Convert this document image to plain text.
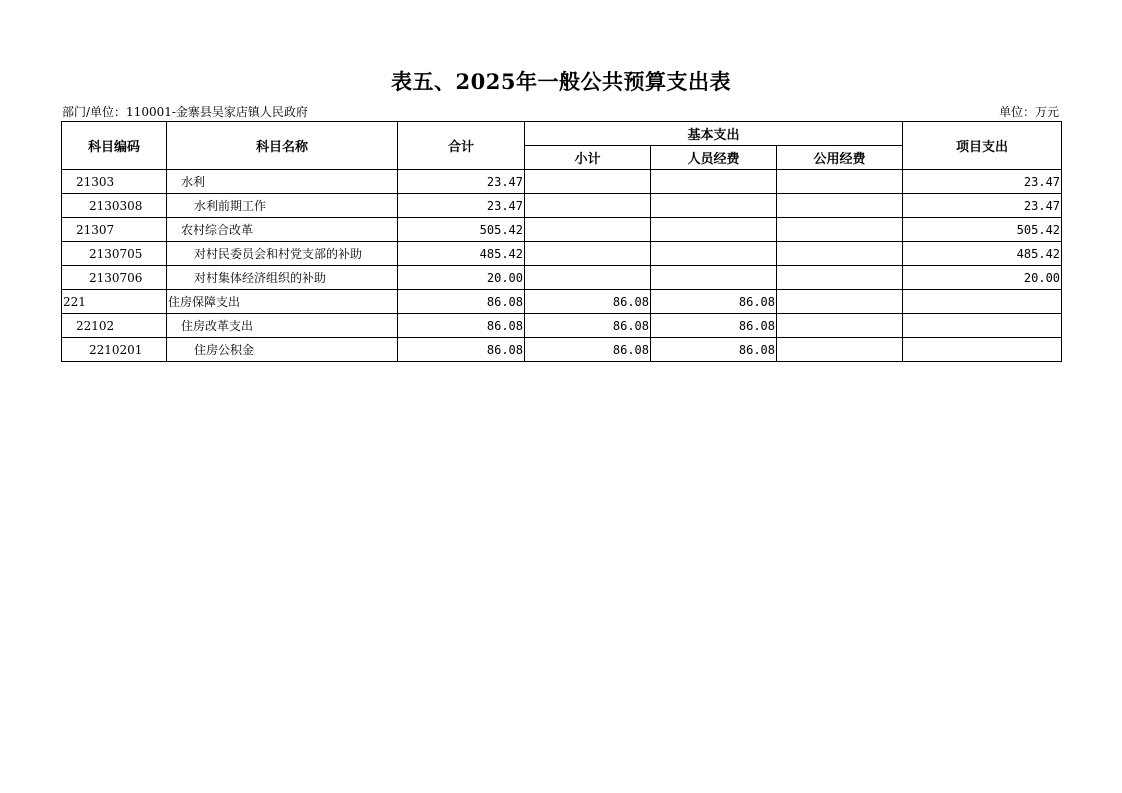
表五、2025年一般公共预算支出表
部门/单位：110001-金寨县吴家店镇人民政府	单位：万元
科目编码	科目名称	合计	基本支出			项目支出
			小计	人员经费	公用经费	
21303	水利	23.47				23.47
2130308	水利前期工作	23.47				23.47
21307	农村综合改革	505.42				505.42
2130705	对村民委员会和村党支部的补助	485.42				485.42
2130706	对村集体经济组织的补助	20.00				20.00
221	住房保障支出	86.08	86.08	86.08		
22102	住房改革支出	86.08	86.08	86.08		
2210201	住房公积金	86.08	86.08	86.08		
